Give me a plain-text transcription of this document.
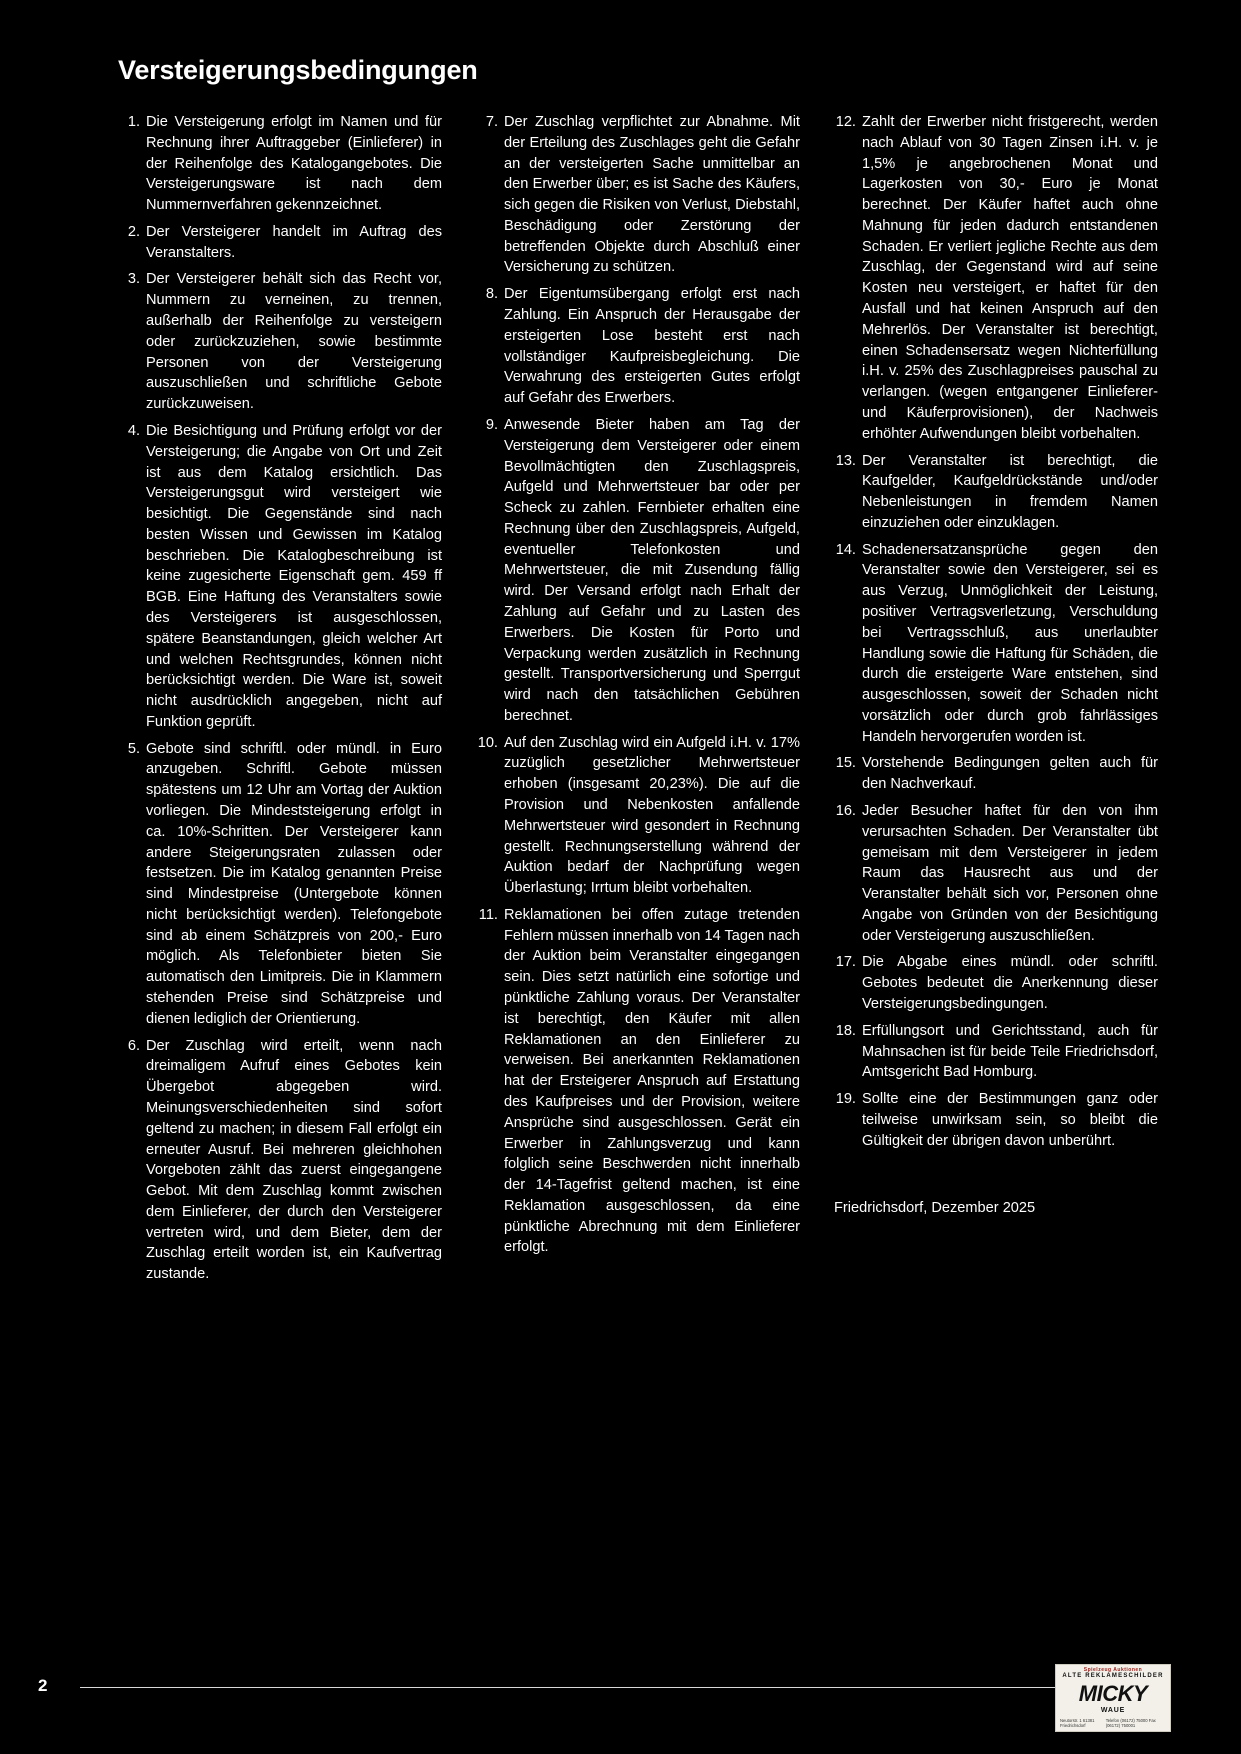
Versteigerungsbedingungen
1. Die Versteigerung erfolgt im Namen und für Rechnung ihrer Auftraggeber (Einlieferer) in der Reihenfolge des Katalogangebotes. Die Versteigerungsware ist nach dem Nummernverfahren gekennzeichnet.
2. Der Versteigerer handelt im Auftrag des Veranstalters.
3. Der Versteigerer behält sich das Recht vor, Nummern zu verneinen, zu trennen, außerhalb der Reihenfolge zu versteigern oder zurückzuziehen, sowie bestimmte Personen von der Versteigerung auszuschließen und schriftliche Gebote zurückzuweisen.
4. Die Besichtigung und Prüfung erfolgt vor der Versteigerung; die Angabe von Ort und Zeit ist aus dem Katalog ersichtlich. Das Versteigerungsgut wird versteigert wie besichtigt. Die Gegenstände sind nach besten Wissen und Gewissen im Katalog beschrieben. Die Katalogbeschreibung ist keine zugesicherte Eigenschaft gem. 459 ff BGB. Eine Haftung des Veranstalters sowie des Versteigerers ist ausgeschlossen, spätere Beanstandungen, gleich welcher Art und welchen Rechtsgrundes, können nicht berücksichtigt werden. Die Ware ist, soweit nicht ausdrücklich angegeben, nicht auf Funktion geprüft.
5. Gebote sind schriftl. oder mündl. in Euro anzugeben. Schriftl. Gebote müssen spätestens um 12 Uhr am Vortag der Auktion vorliegen. Die Mindeststeigerung erfolgt in ca. 10%-Schritten. Der Versteigerer kann andere Steigerungsraten zulassen oder festsetzen. Die im Katalog genannten Preise sind Mindestpreise (Untergebote können nicht berücksichtigt werden). Telefongebote sind ab einem Schätzpreis von 200,- Euro möglich. Als Telefonbieter bieten Sie automatisch den Limitpreis. Die in Klammern stehenden Preise sind Schätzpreise und dienen lediglich der Orientierung.
6. Der Zuschlag wird erteilt, wenn nach dreimaligem Aufruf eines Gebotes kein Übergebot abgegeben wird. Meinungsverschiedenheiten sind sofort geltend zu machen; in diesem Fall erfolgt ein erneuter Ausruf. Bei mehreren gleichhohen Vorgeboten zählt das zuerst eingegangene Gebot. Mit dem Zuschlag kommt zwischen dem Einlieferer, der durch den Versteigerer vertreten wird, und dem Bieter, dem der Zuschlag erteilt worden ist, ein Kaufvertrag zustande.
7. Der Zuschlag verpflichtet zur Abnahme. Mit der Erteilung des Zuschlages geht die Gefahr an der versteigerten Sache unmittelbar an den Erwerber über; es ist Sache des Käufers, sich gegen die Risiken von Verlust, Diebstahl, Beschädigung oder Zerstörung der betreffenden Objekte durch Abschluß einer Versicherung zu schützen.
8. Der Eigentumsübergang erfolgt erst nach Zahlung. Ein Anspruch der Herausgabe der ersteigerten Lose besteht erst nach vollständiger Kaufpreisbegleichung. Die Verwahrung des ersteigerten Gutes erfolgt auf Gefahr des Erwerbers.
9. Anwesende Bieter haben am Tag der Versteigerung dem Versteigerer oder einem Bevollmächtigten den Zuschlagspreis, Aufgeld und Mehrwertsteuer bar oder per Scheck zu zahlen. Fernbieter erhalten eine Rechnung über den Zuschlagspreis, Aufgeld, eventueller Telefonkosten und Mehrwertsteuer, die mit Zusendung fällig wird. Der Versand erfolgt nach Erhalt der Zahlung auf Gefahr und zu Lasten des Erwerbers. Die Kosten für Porto und Verpackung werden zusätzlich in Rechnung gestellt. Transportversicherung und Sperrgut wird nach den tatsächlichen Gebühren berechnet.
10. Auf den Zuschlag wird ein Aufgeld i.H. v. 17% zuzüglich gesetzlicher Mehrwertsteuer erhoben (insgesamt 20,23%). Die auf die Provision und Nebenkosten anfallende Mehrwertsteuer wird gesondert in Rechnung gestellt. Rechnungserstellung während der Auktion bedarf der Nachprüfung wegen Überlastung; Irrtum bleibt vorbehalten.
11. Reklamationen bei offen zutage tretenden Fehlern müssen innerhalb von 14 Tagen nach der Auktion beim Veranstalter eingegangen sein. Dies setzt natürlich eine sofortige und pünktliche Zahlung voraus. Der Veranstalter ist berechtigt, den Käufer mit allen Reklamationen an den Einlieferer zu verweisen. Bei anerkannten Reklamationen hat der Ersteigerer Anspruch auf Erstattung des Kaufpreises und der Provision, weitere Ansprüche sind ausgeschlossen. Gerät ein Erwerber in Zahlungsverzug und kann folglich seine Beschwerden nicht innerhalb der 14-Tagefrist geltend machen, ist eine Reklamation ausgeschlossen, da eine pünktliche Abrechnung mit dem Einlieferer erfolgt.
12. Zahlt der Erwerber nicht fristgerecht, werden nach Ablauf von 30 Tagen Zinsen i.H. v. je 1,5% je angebrochenen Monat und Lagerkosten von 30,- Euro je Monat berechnet. Der Käufer haftet auch ohne Mahnung für jeden dadurch entstandenen Schaden. Er verliert jegliche Rechte aus dem Zuschlag, der Gegenstand wird auf seine Kosten neu versteigert, er haftet für den Ausfall und hat keinen Anspruch auf den Mehrerlös. Der Veranstalter ist berechtigt, einen Schadensersatz wegen Nichterfüllung i.H. v. 25% des Zuschlagpreises pauschal zu verlangen. (wegen entgangener Einlieferer- und Käuferprovisionen), der Nachweis erhöhter Aufwendungen bleibt vorbehalten.
13. Der Veranstalter ist berechtigt, die Kaufgelder, Kaufgeldrückstände und/oder Nebenleistungen in fremdem Namen einzuziehen oder einzuklagen.
14. Schadenersatzansprüche gegen den Veranstalter sowie den Versteigerer, sei es aus Verzug, Unmöglichkeit der Leistung, positiver Vertragsverletzung, Verschuldung bei Vertragsschluß, aus unerlaubter Handlung sowie die Haftung für Schäden, die durch die ersteigerte Ware entstehen, sind ausgeschlossen, soweit der Schaden nicht vorsätzlich oder durch grob fahrlässiges Handeln hervorgerufen worden ist.
15. Vorstehende Bedingungen gelten auch für den Nachverkauf.
16. Jeder Besucher haftet für den von ihm verursachten Schaden. Der Veranstalter übt gemeisam mit dem Versteigerer in jedem Raum das Hausrecht aus und der Veranstalter behält sich vor, Personen ohne Angabe von Gründen von der Besichtigung oder Versteigerung auszuschließen.
17. Die Abgabe eines mündl. oder schriftl. Gebotes bedeutet die Anerkennung dieser Versteigerungsbedingungen.
18. Erfüllungsort und Gerichtsstand, auch für Mahnsachen ist für beide Teile Friedrichsdorf, Amtsgericht Bad Homburg.
19. Sollte eine der Bestimmungen ganz oder teilweise unwirksam sein, so bleibt die Gültigkeit der übrigen davon unberührt.
Friedrichsdorf, Dezember 2025
2
Spielzeug Auktionen
ALTE REKLAMESCHILDER
MICKY
WAUE
Neutorstr. 1 61381 Friedrichsdorf
Telefon (06172) 75000 Fax (06172) 750001
